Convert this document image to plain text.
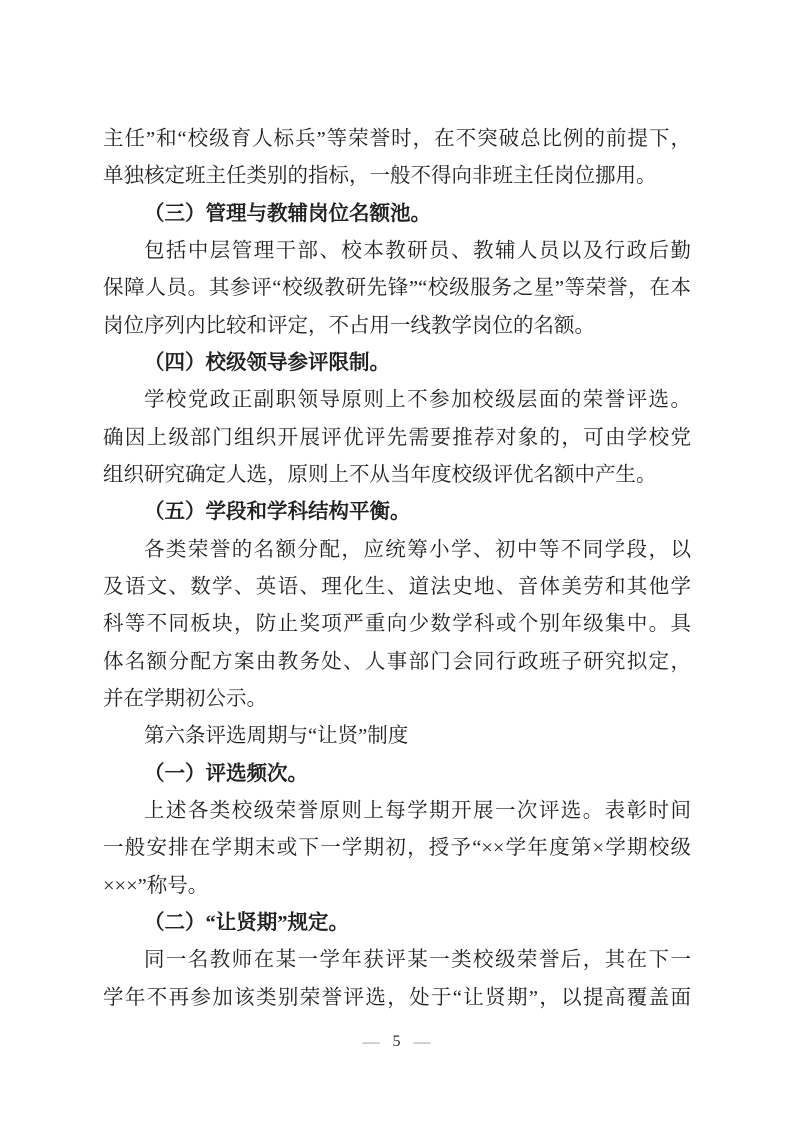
主任”和“校级育人标兵”等荣誉时，在不突破总比例的前提下，
单独核定班主任类别的指标，一般不得向非班主任岗位挪用。
（三）管理与教辅岗位名额池。
包括中层管理干部、校本教研员、教辅人员以及行政后勤
保障人员。其参评“校级教研先锋”“校级服务之星”等荣誉，在本
岗位序列内比较和评定，不占用一线教学岗位的名额。
（四）校级领导参评限制。
学校党政正副职领导原则上不参加校级层面的荣誉评选。
确因上级部门组织开展评优评先需要推荐对象的，可由学校党
组织研究确定人选，原则上不从当年度校级评优名额中产生。
（五）学段和学科结构平衡。
各类荣誉的名额分配，应统筹小学、初中等不同学段，以
及语文、数学、英语、理化生、道法史地、音体美劳和其他学
科等不同板块，防止奖项严重向少数学科或个别年级集中。具
体名额分配方案由教务处、人事部门会同行政班子研究拟定，
并在学期初公示。
第六条评选周期与“让贤”制度
（一）评选频次。
上述各类校级荣誉原则上每学期开展一次评选。表彰时间
一般安排在学期末或下一学期初，授予“××学年度第×学期校级
×××”称号。
（二）“让贤期”规定。
同一名教师在某一学年获评某一类校级荣誉后，其在下一
学年不再参加该类别荣誉评选，处于“让贤期”，以提高覆盖面
— 5 —
